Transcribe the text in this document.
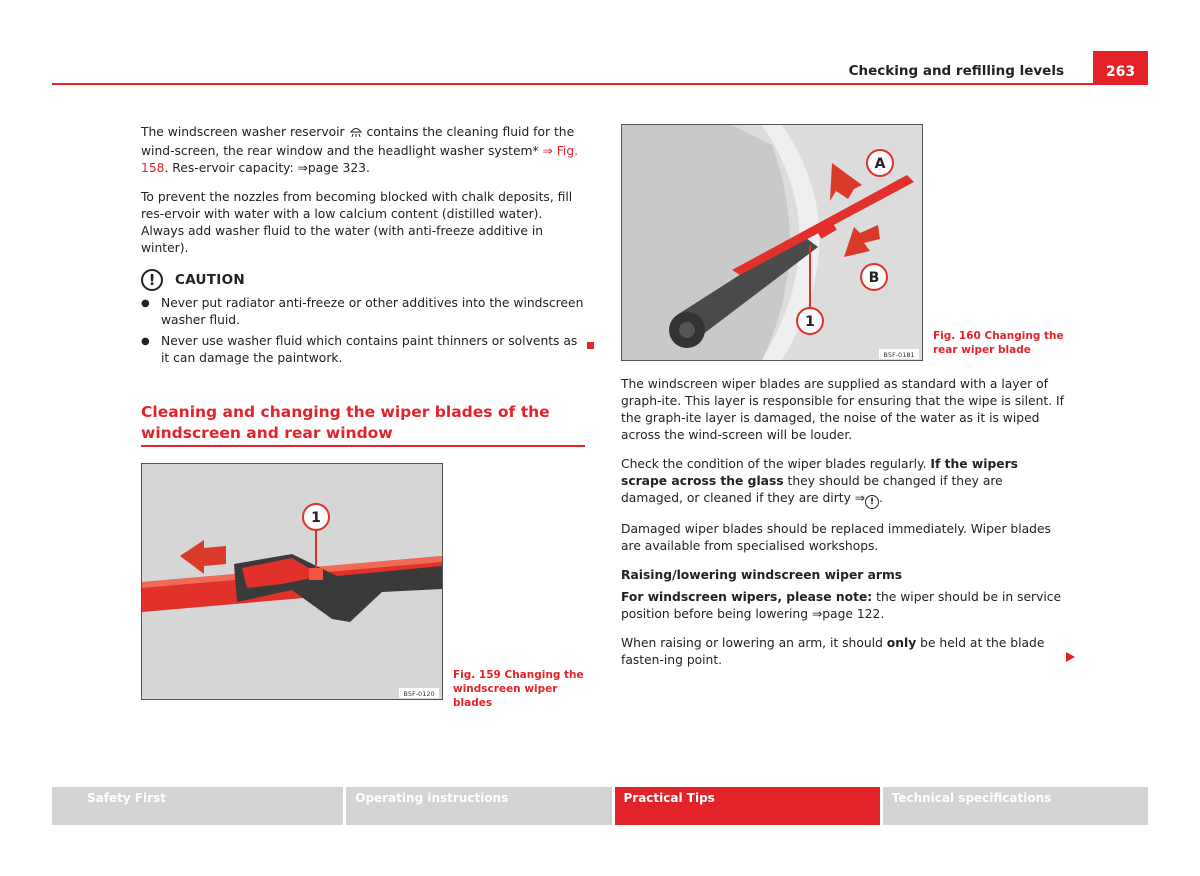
Checking and refilling levels	263

The windscreen washer reservoir  contains the cleaning fluid for the wind-screen, the rear window and the headlight washer system* ⇒ Fig. 158. Res-ervoir capacity: ⇒page 323.

To prevent the nozzles from becoming blocked with chalk deposits, fill res-ervoir with water with a low calcium content (distilled water). Always add washer fluid to the water (with anti-freeze additive in winter).

!	CAUTION
● Never put radiator anti-freeze or other additives into the windscreen washer fluid.
● Never use washer fluid which contains paint thinners or solvents as it can damage the paintwork.
Cleaning and changing the wiper blades of the windscreen and rear window
1
B5F-0120
Fig. 159 Changing the windscreen wiper blades
A
B
1
B5F-0181
Fig. 160 Changing the rear wiper blade

The windscreen wiper blades are supplied as standard with a layer of graph-ite. This layer is responsible for ensuring that the wipe is silent. If the graph-ite layer is damaged, the noise of the water as it is wiped across the wind-screen will be louder.

Check the condition of the wiper blades regularly. If the wipers scrape across the glass they should be changed if they are damaged, or cleaned if they are dirty ⇒ ! .

Damaged wiper blades should be replaced immediately. Wiper blades are available from specialised workshops.

Raising/lowering windscreen wiper arms

For windscreen wipers, please note: the wiper should be in service position before being lowering ⇒page 122.

When raising or lowering an arm, it should only be held at the blade fasten-ing point.

Safety First	Operating instructions	Practical Tips	Technical specifications
